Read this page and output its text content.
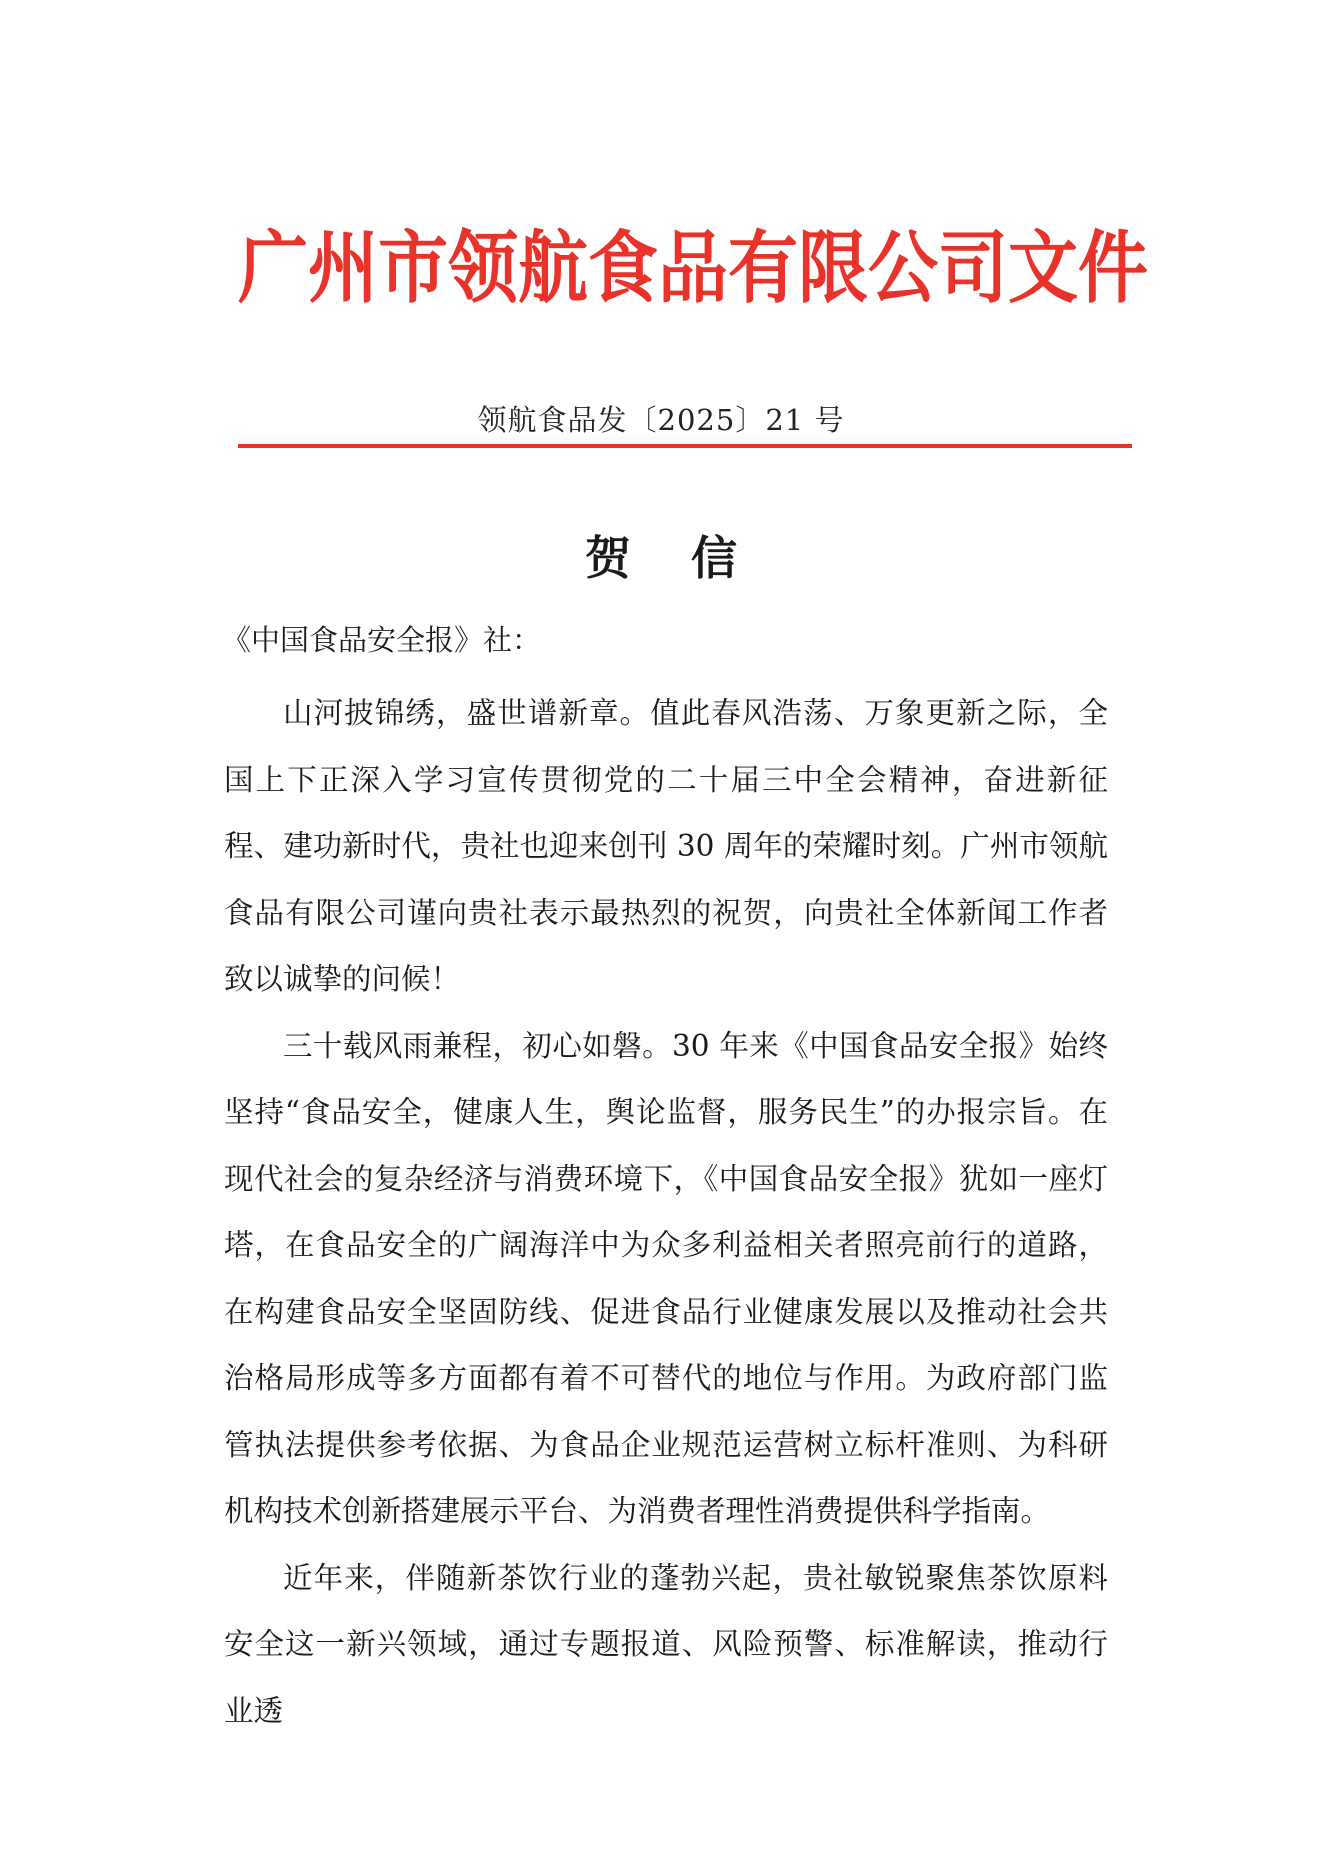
广 州 市 领 航 食 品 有 限 公 司 文 件
领航食品发〔2025〕21 号
贺信
《中国食品安全报》社：

山河披锦绣，盛世谱新章。值此春风浩荡、万象更新之际，全国上下正深入学习宣传贯彻党的二十届三中全会精神，奋进新征程、建功新时代，贵社也迎来创刊 30 周年的荣耀时刻。广州市领航食品有限公司谨向贵社表示最热烈的祝贺，向贵社全体新闻工作者致以诚挚的问候！

三十载风雨兼程，初心如磐。30 年来《中国食品安全报》始终坚持“食品安全，健康人生，舆论监督，服务民生”的办报宗旨。在现代社会的复杂经济与消费环境下，《中国食品安全报》犹如一座灯塔，在食品安全的广阔海洋中为众多利益相关者照亮前行的道路，在构建食品安全坚固防线、促进食品行业健康发展以及推动社会共治格局形成等多方面都有着不可替代的地位与作用。为政府部门监管执法提供参考依据、为食品企业规范运营树立标杆准则、为科研机构技术创新搭建展示平台、为消费者理性消费提供科学指南。

近年来，伴随新茶饮行业的蓬勃兴起，贵社敏锐聚焦茶饮原料安全这一新兴领域，通过专题报道、风险预警、标准解读，推动行业透
